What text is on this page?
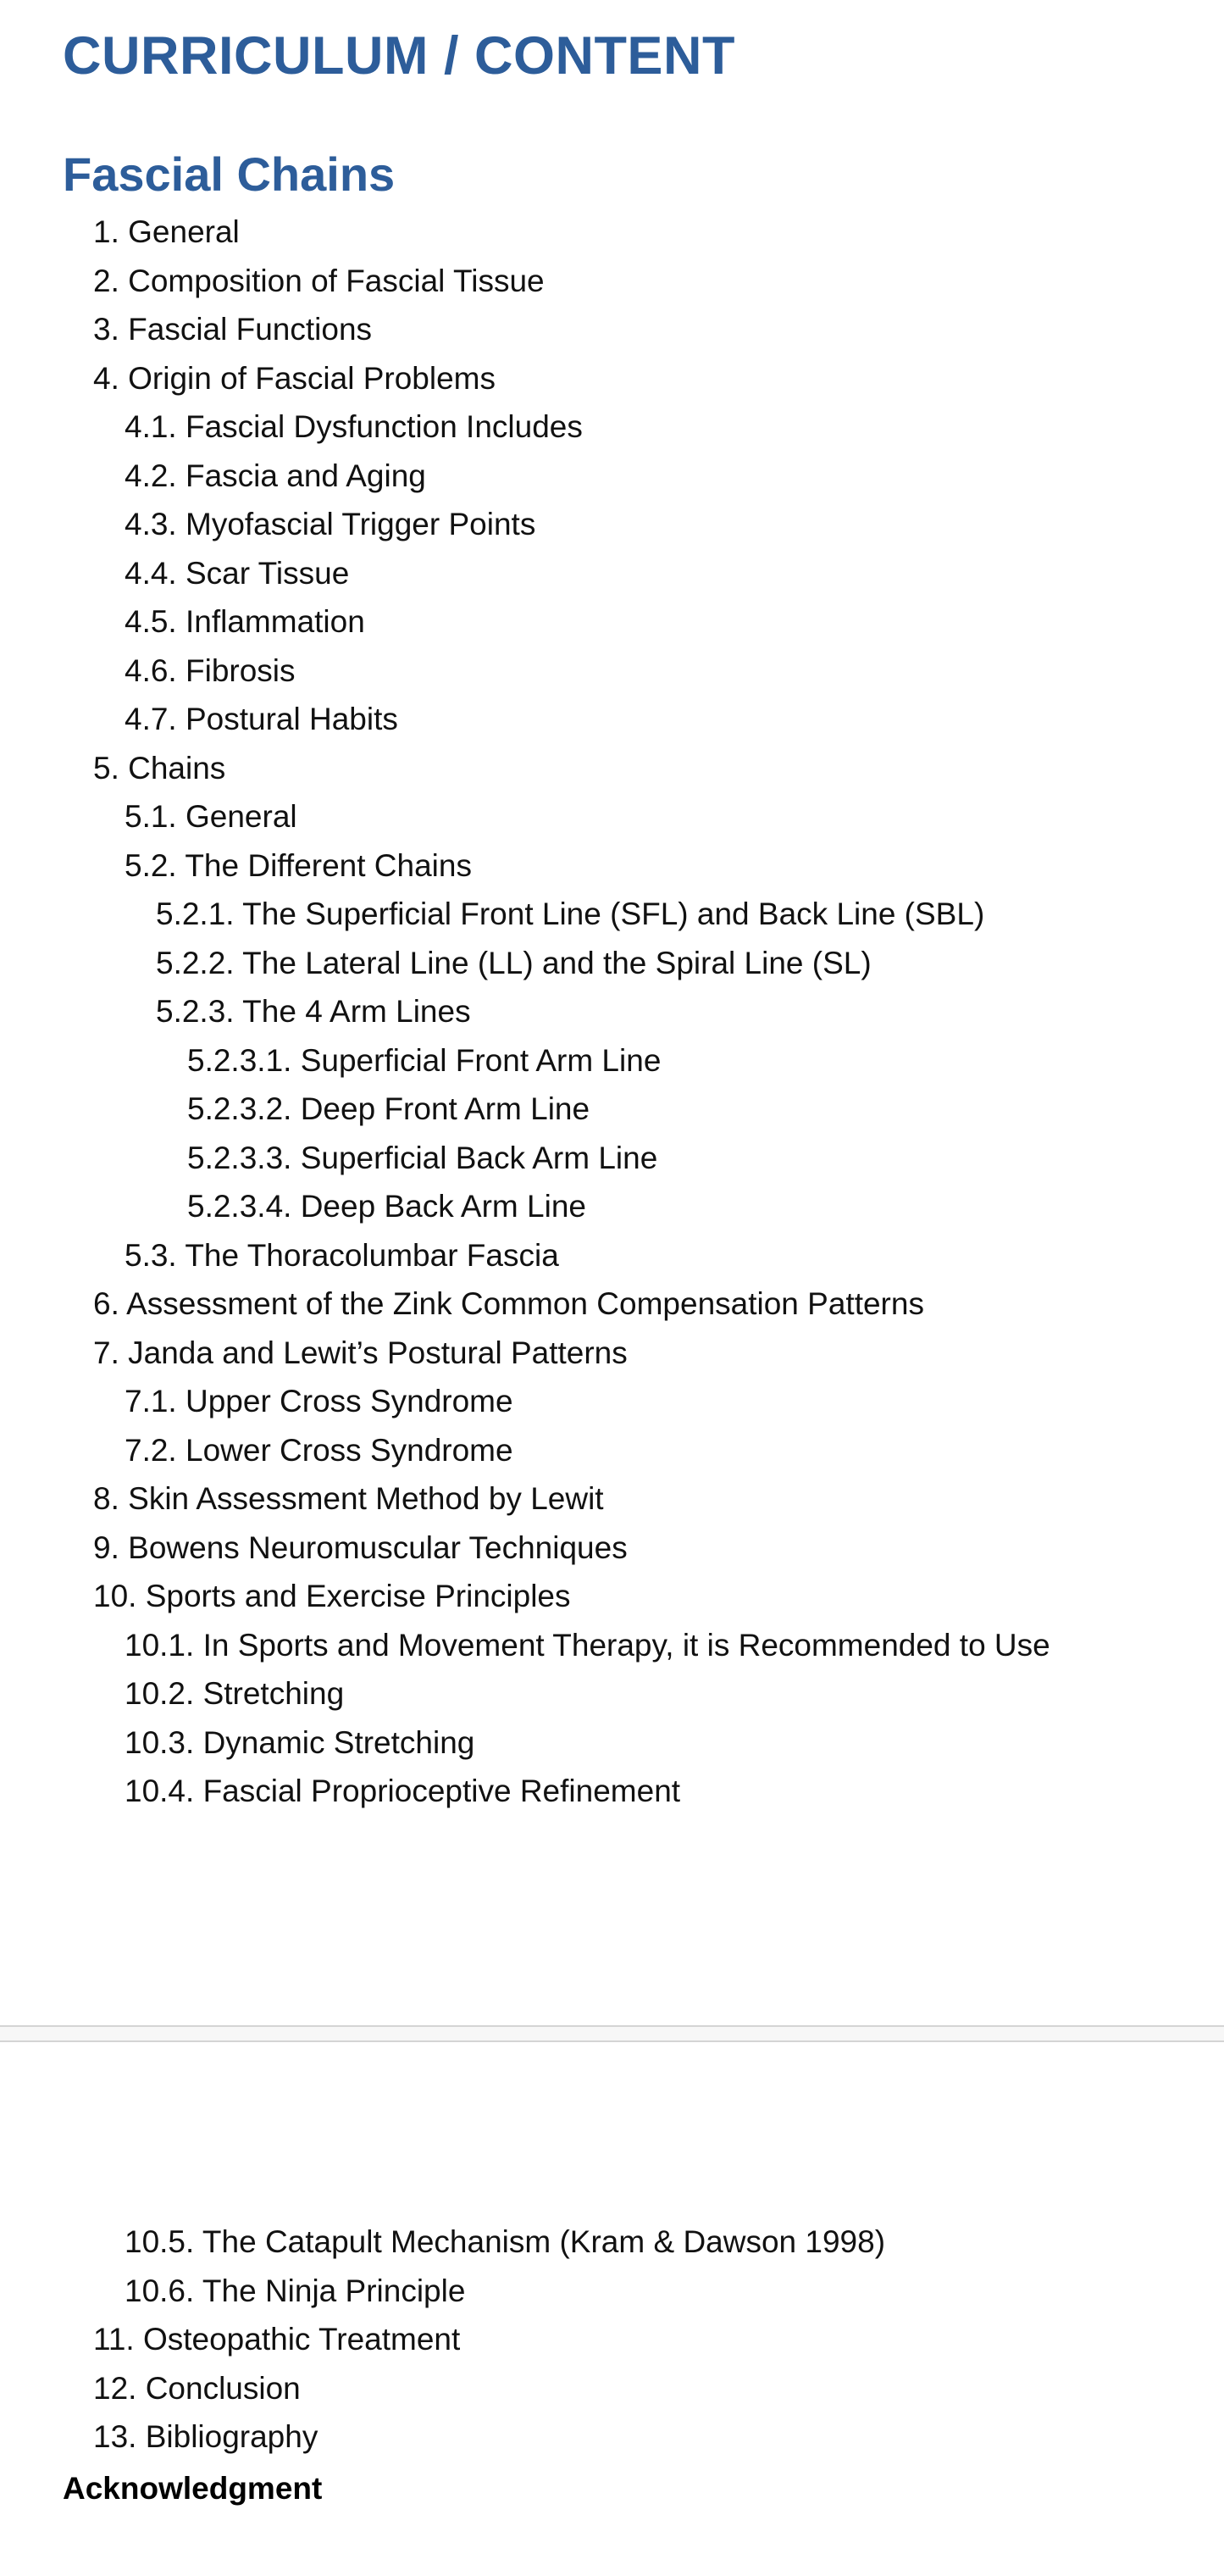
CURRICULUM / CONTENT
Fascial Chains
1. General
2. Composition of Fascial Tissue
3. Fascial Functions
4. Origin of Fascial Problems
4.1. Fascial Dysfunction Includes
4.2. Fascia and Aging
4.3. Myofascial Trigger Points
4.4. Scar Tissue
4.5. Inflammation
4.6. Fibrosis
4.7. Postural Habits
5. Chains
5.1. General
5.2. The Different Chains
5.2.1. The Superficial Front Line (SFL) and Back Line (SBL)
5.2.2. The Lateral Line (LL) and the Spiral Line (SL)
5.2.3. The 4 Arm Lines
5.2.3.1. Superficial Front Arm Line
5.2.3.2. Deep Front Arm Line
5.2.3.3. Superficial Back Arm Line
5.2.3.4. Deep Back Arm Line
5.3. The Thoracolumbar Fascia
6. Assessment of the Zink Common Compensation Patterns
7. Janda and Lewit’s Postural Patterns
7.1. Upper Cross Syndrome
7.2. Lower Cross Syndrome
8. Skin Assessment Method by Lewit
9. Bowens Neuromuscular Techniques
10. Sports and Exercise Principles
10.1. In Sports and Movement Therapy, it is Recommended to Use
10.2. Stretching
10.3. Dynamic Stretching
10.4. Fascial Proprioceptive Refinement
10.5. The Catapult Mechanism (Kram & Dawson 1998)
10.6. The Ninja Principle
11. Osteopathic Treatment
12. Conclusion
13. Bibliography
Acknowledgment
